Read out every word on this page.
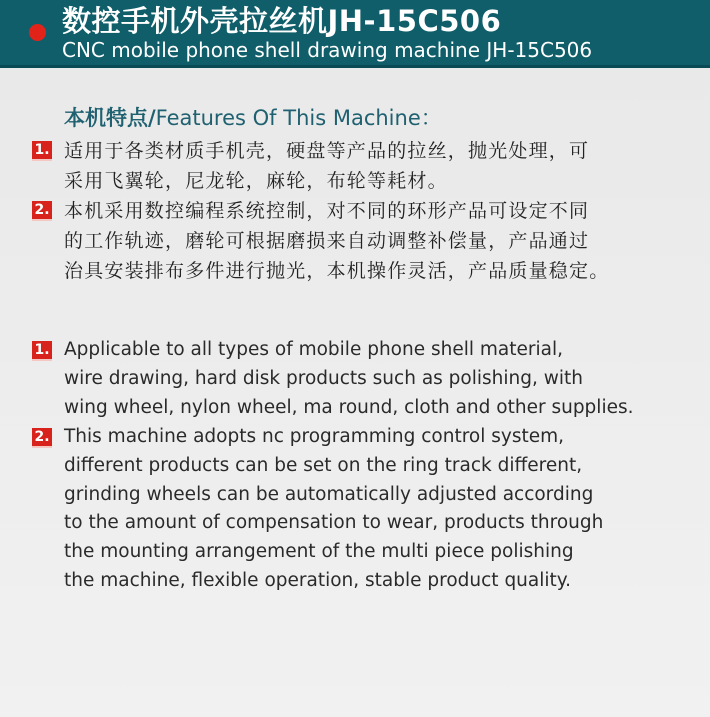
数控手机外壳拉丝机JH-15C506
CNC mobile phone shell drawing machine JH-15C506
本机特点/Features Of This Machine：
1. 适用于各类材质手机壳，硬盘等产品的拉丝，抛光处理，可
采用飞翼轮，尼龙轮，麻轮，布轮等耗材。
2. 本机采用数控编程系统控制，对不同的环形产品可设定不同
的工作轨迹，磨轮可根据磨损来自动调整补偿量，产品通过
治具安装排布多件进行抛光，本机操作灵活，产品质量稳定。
1. Applicable to all types of mobile phone shell material,
wire drawing, hard disk products such as polishing, with
wing wheel, nylon wheel, ma round, cloth and other supplies.
2. This machine adopts nc programming control system,
different products can be set on the ring track different,
grinding wheels can be automatically adjusted according
to the amount of compensation to wear, products through
the mounting arrangement of the multi piece polishing
the machine, flexible operation, stable product quality.
